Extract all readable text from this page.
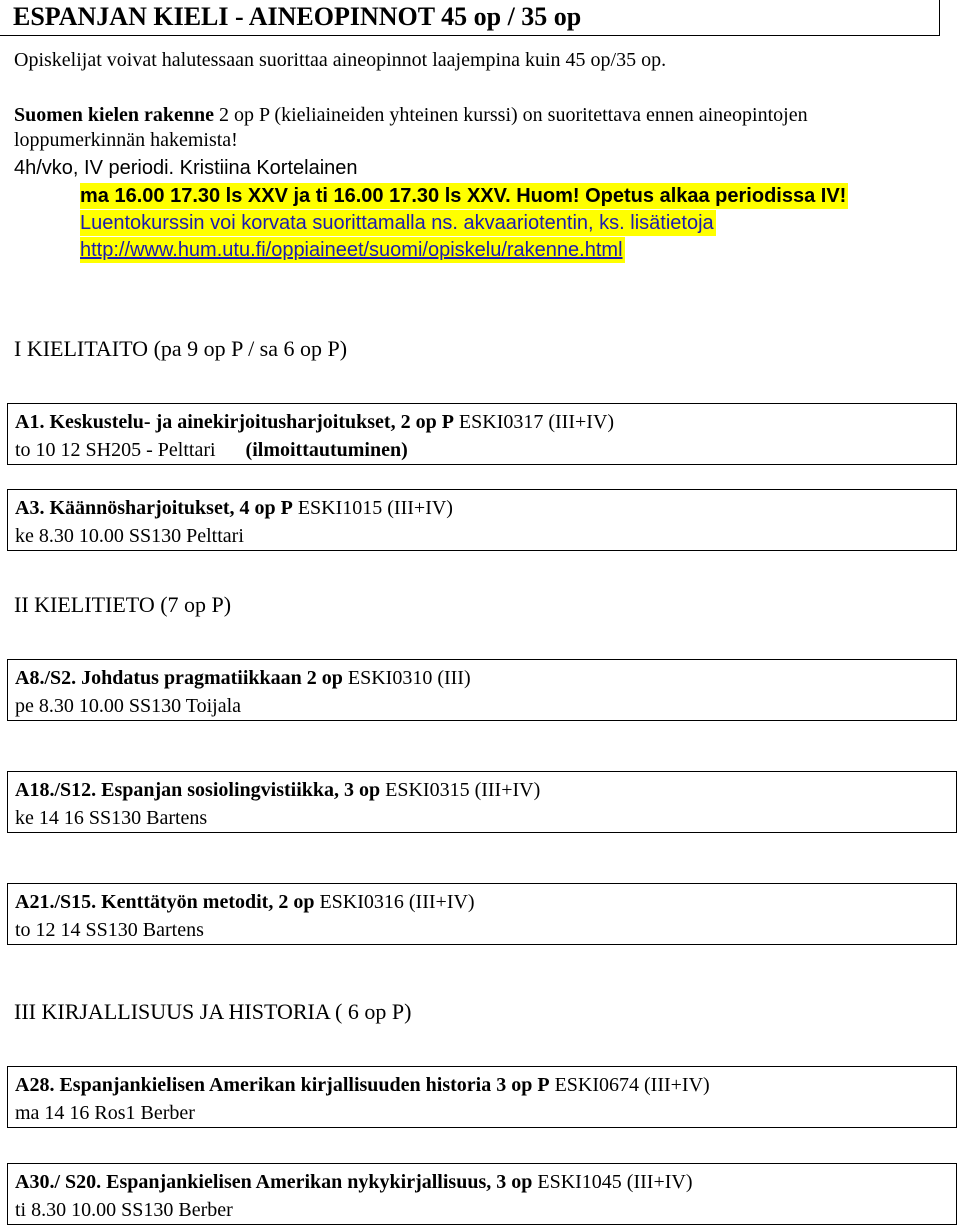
ESPANJAN KIELI - AINEOPINNOT 45 op / 35 op
Opiskelijat voivat halutessaan suorittaa aineopinnot laajempina kuin 45 op/35 op.
Suomen kielen rakenne 2 op P (kieliaineiden yhteinen kurssi) on suoritettava ennen aineopintojen
loppumerkinnän hakemista!
4h/vko, IV periodi. Kristiina Kortelainen
ma 16.00 17.30 ls XXV ja ti 16.00 17.30 ls XXV. Huom! Opetus alkaa periodissa IV!
Luentokurssin voi korvata suorittamalla ns. akvaariotentin, ks. lisätietoja
http://www.hum.utu.fi/oppiaineet/suomi/opiskelu/rakenne.html
I KIELITAITO (pa 9 op P / sa 6 op P)
A1. Keskustelu- ja ainekirjoitusharjoitukset, 2 op P ESKI0317 (III+IV)
to 10 12 SH205 - Pelttari (ilmoittautuminen)
A3. Käännösharjoitukset, 4 op P ESKI1015 (III+IV)
ke 8.30 10.00 SS130 Pelttari
II KIELITIETO (7 op P)
A8./S2. Johdatus pragmatiikkaan 2 op ESKI0310 (III)
pe 8.30 10.00 SS130 Toijala
A18./S12. Espanjan sosiolingvistiikka, 3 op ESKI0315 (III+IV)
ke 14 16 SS130 Bartens
A21./S15. Kenttätyön metodit, 2 op ESKI0316 (III+IV)
to 12 14 SS130 Bartens
III KIRJALLISUUS JA HISTORIA ( 6 op P)
A28. Espanjankielisen Amerikan kirjallisuuden historia 3 op P ESKI0674 (III+IV)
ma 14 16 Ros1 Berber
A30./ S20. Espanjankielisen Amerikan nykykirjallisuus, 3 op ESKI1045 (III+IV)
ti 8.30 10.00 SS130 Berber
